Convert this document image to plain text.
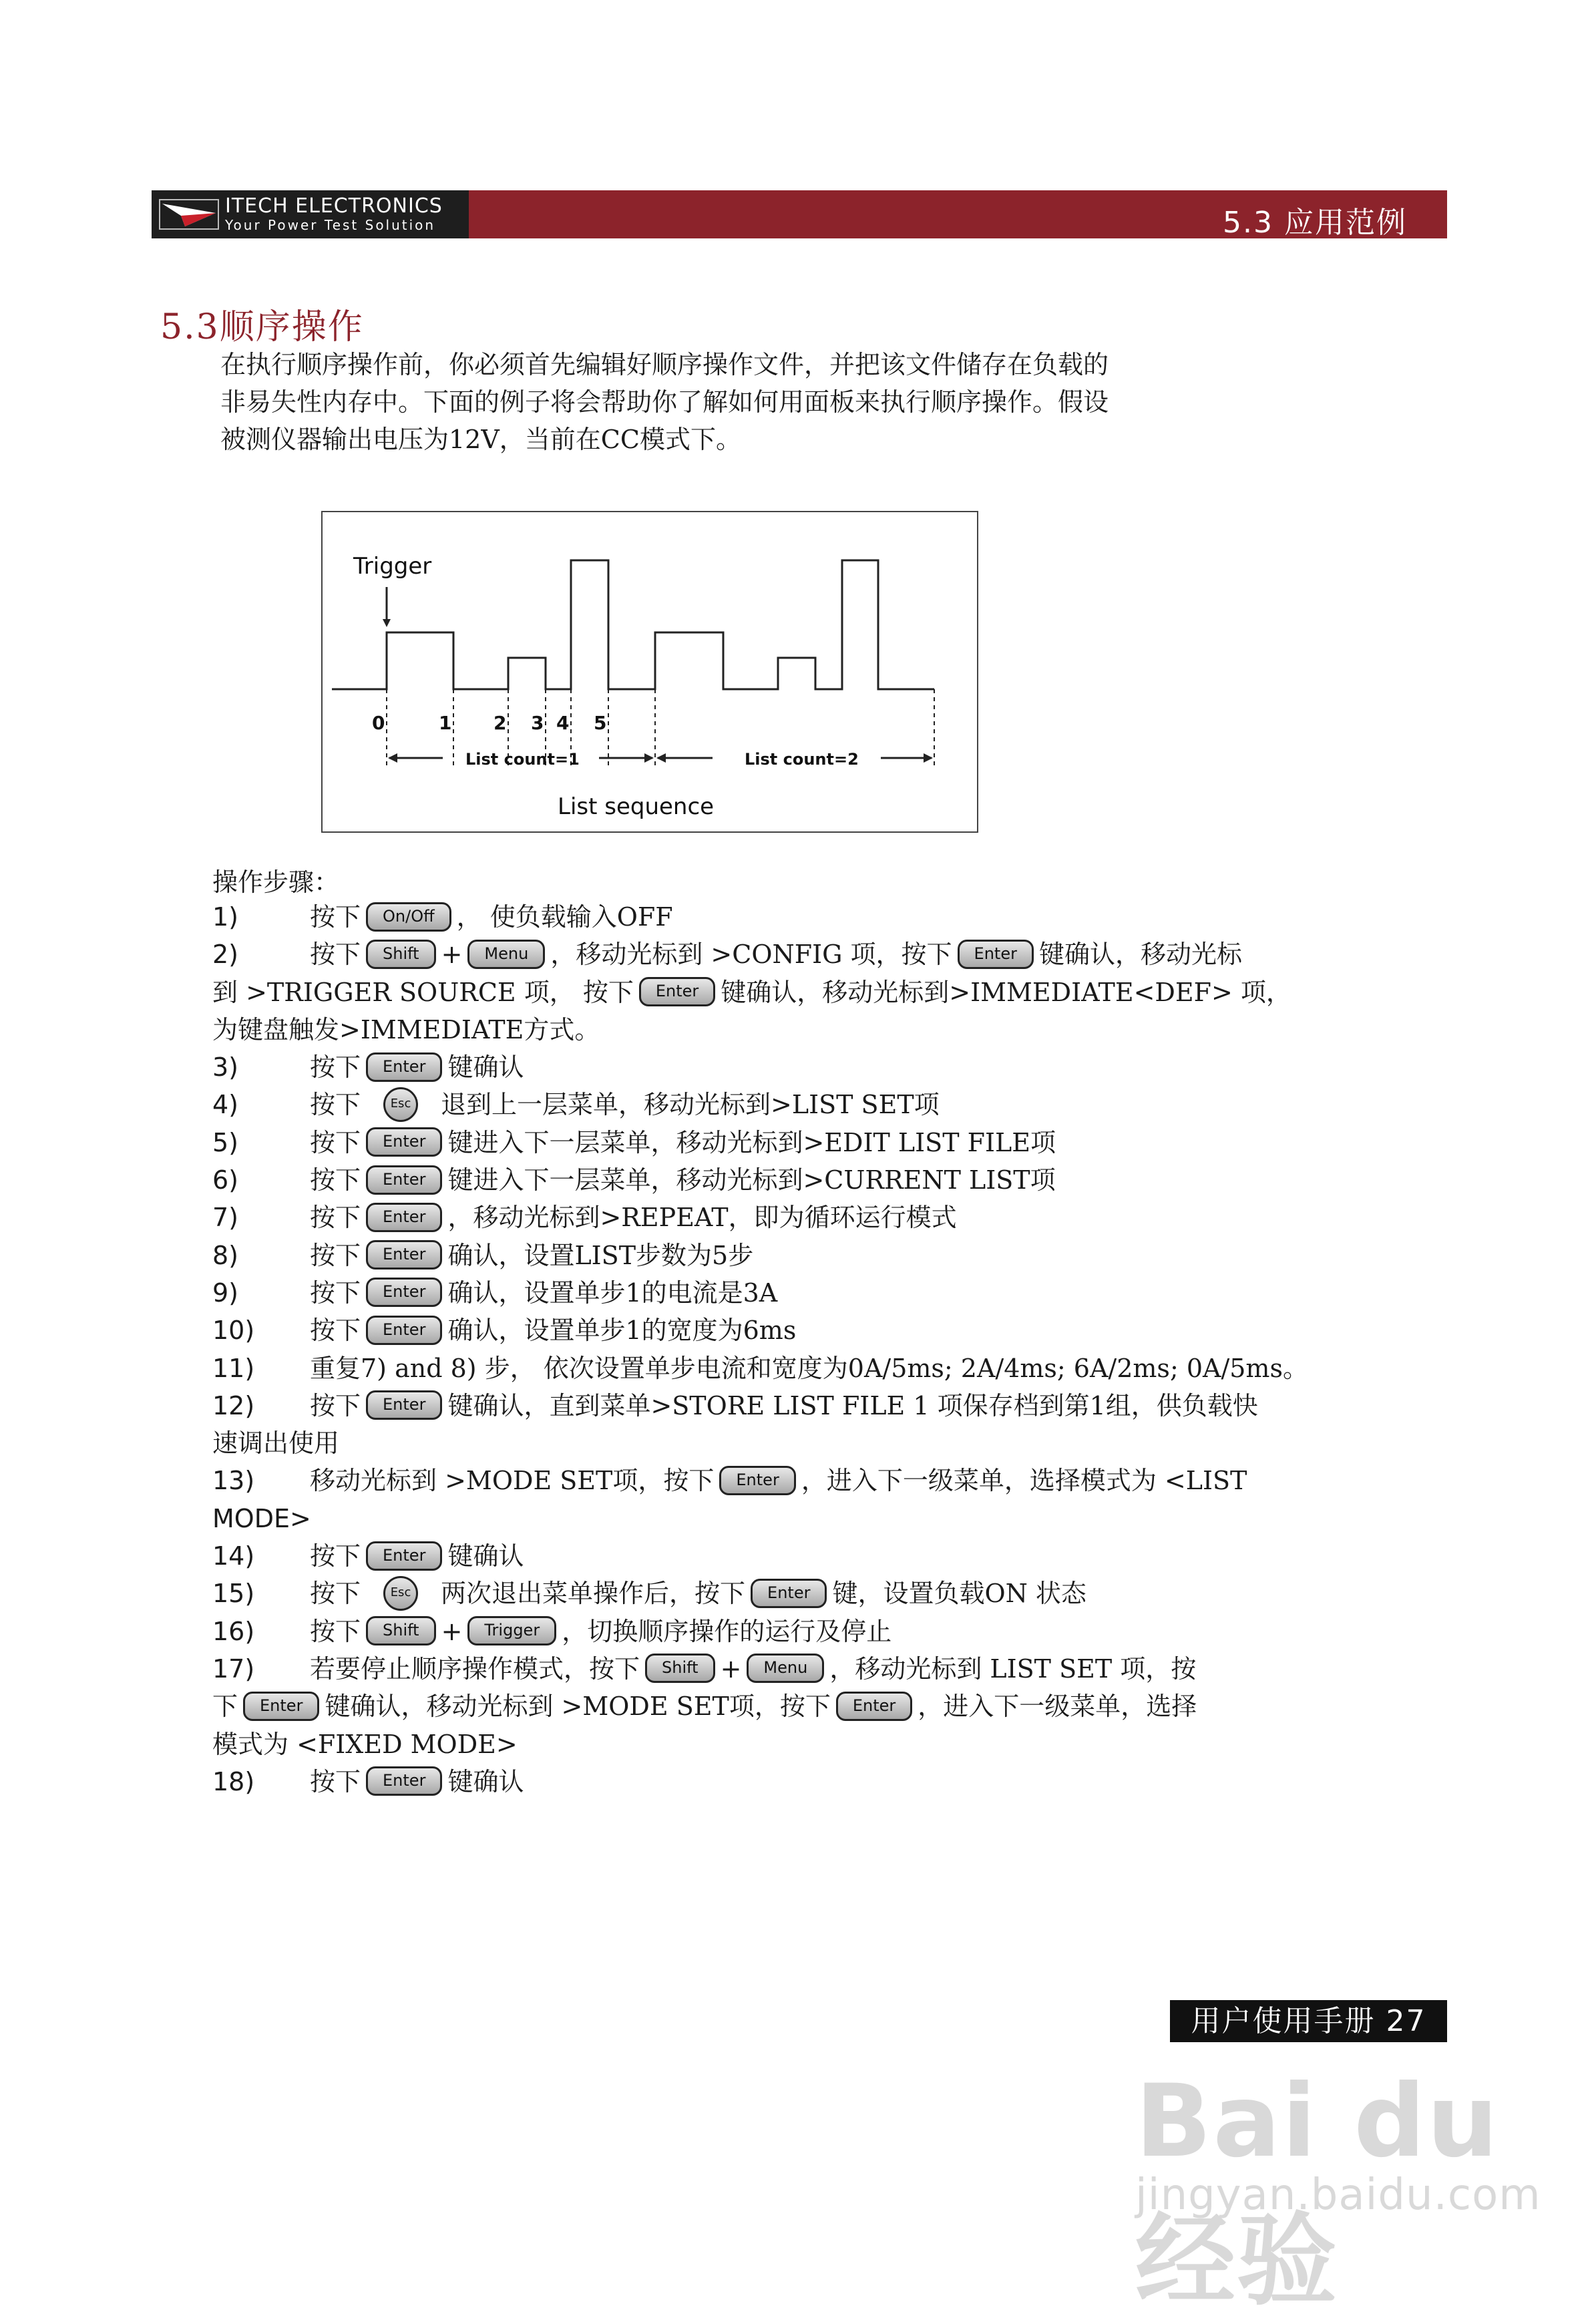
ITECH ELECTRONICS
Your Power Test Solution	5.3 应用范例
5.3顺序操作

在执行顺序操作前，你必须首先编辑好顺序操作文件，并把该文件储存在负载的

非易失性内存中。下面的例子将会帮助你了解如何用面板来执行顺序操作。假设

被测仪器输出电压为12V，当前在CC模式下。

Trigger
0	1 2 3 4 5
List count=1	List count=2
List sequence
操作步骤：
1)	按下 On/Off ， 使负载输入OFF
2)	按下 Shift + Menu ，移动光标到 >CONFIG 项，按下 Enter 键确认，移动光标
到 >TRIGGER SOURCE 项， 按下 Enter 键确认，移动光标到>IMMEDIATE<DEF> 项，
为键盘触发>IMMEDIATE方式。
3)	按下 Enter 键确认
4)	按下 Esc 退到上一层菜单，移动光标到>LIST SET项
5)	按下 Enter 键进入下一层菜单，移动光标到>EDIT LIST FILE项
6)	按下 Enter 键进入下一层菜单，移动光标到>CURRENT LIST项
7)	按下 Enter ，移动光标到>REPEAT，即为循环运行模式
8)	按下 Enter 确认，设置LIST步数为5步
9)	按下 Enter 确认，设置单步1的电流是3A
10) 按下 Enter 确认，设置单步1的宽度为6ms
11) 重复7) and 8) 步， 依次设置单步电流和宽度为0A/5ms; 2A/4ms; 6A/2ms; 0A/5ms。
12) 按下 Enter 键确认，直到菜单>STORE LIST FILE 1 项保存档到第1组，供负载快
速调出使用
13) 移动光标到 >MODE SET项，按下 Enter ，进入下一级菜单，选择模式为 <LIST
MODE>
14) 按下 Enter 键确认
15) 按下 Esc 两次退出菜单操作后，按下 Enter 键，设置负载ON 状态
16) 按下 Shift + Trigger ，切换顺序操作的运行及停止
17) 若要停止顺序操作模式，按下 Shift + Menu ，移动光标到 LIST SET 项，按
下 Enter 键确认，移动光标到 >MODE SET项，按下 Enter ，进入下一级菜单，选择
模式为 <FIXED MODE>
18) 按下 Enter 键确认
用户使用手册 27
Bai du 经验
jingyan.baidu.com
